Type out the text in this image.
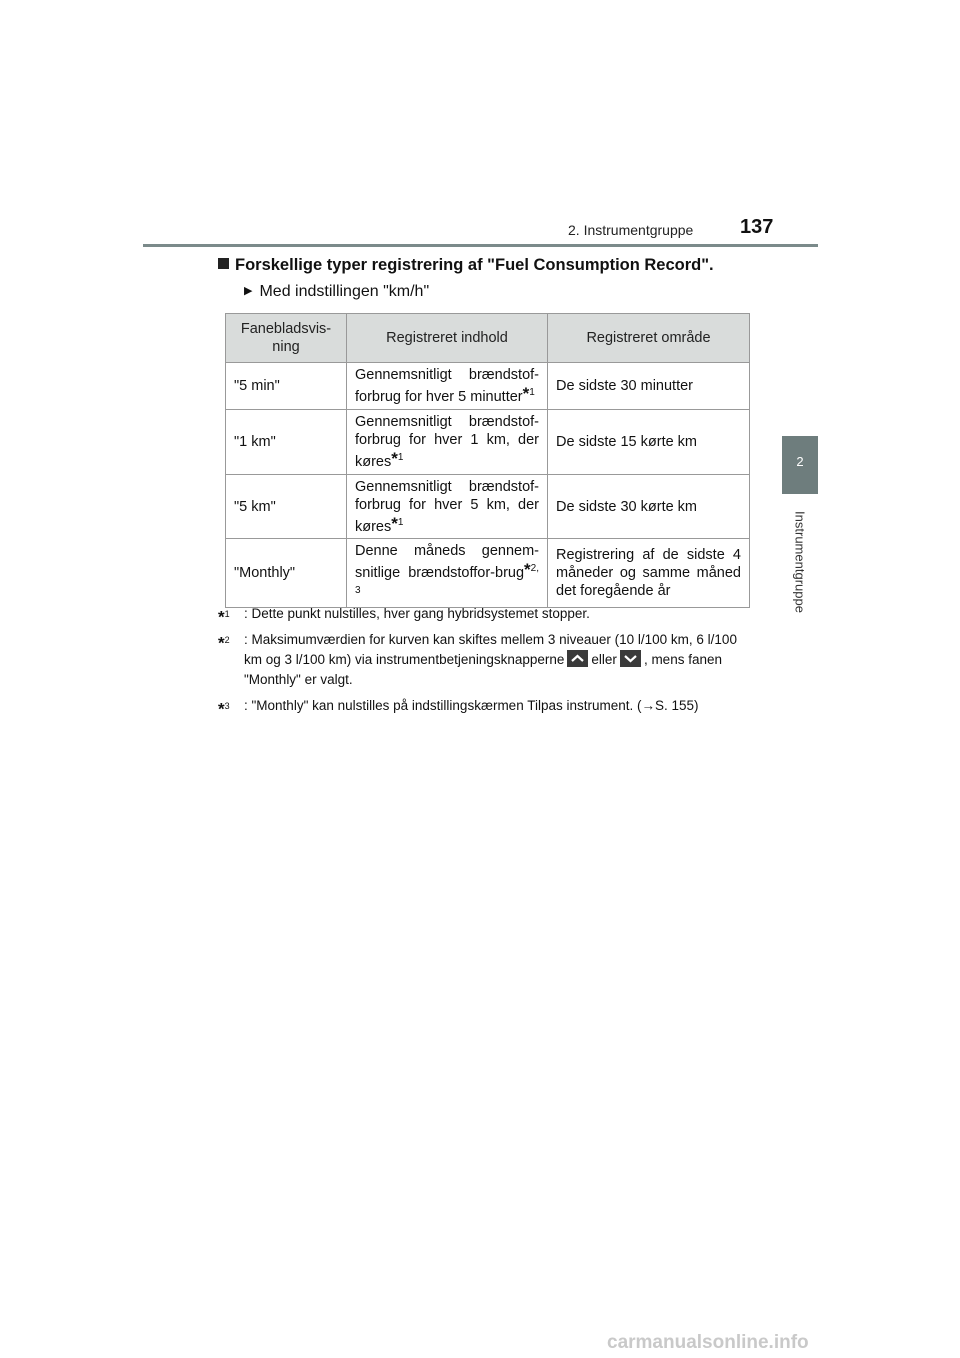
2. Instrumentgruppe 137
2
Instrumentgruppe
Forskellige typer registrering af "Fuel Consumption Record".
▶ Med indstillingen "km/h"
Fanebladsvis-ning	Registreret indhold	Registreret område
"5 min"	Gennemsnitligt brændstof-forbrug for hver 5 minutter*$^1$	De sidste 30 minutter
"1 km"	Gennemsnitligt brændstof-forbrug for hver 1 km, der køres*$^1$	De sidste 15 kørte km
"5 km"	Gennemsnitligt brændstof-forbrug for hver 5 km, der køres*$^1$	De sidste 30 kørte km
"Monthly"	Denne måneds gennem-snitlige brændstoffor-brug*$^{2, 3}$	Registrering af de sidste 4 måneder og samme måned det foregående år
*$^1$	: Dette punkt nulstilles, hver gang hybridsystemet stopper.
*$^2$	: Maksimumværdien for kurven kan skiftes mellem 3 niveauer (10 l/100 km, 6 l/100 km og 3 l/100 km) via instrumentbetjeningsknapperne eller , mens fanen "Monthly" er valgt.
*$^3$	: "Monthly" kan nulstilles på indstillingskærmen Tilpas instrument. (→S. 155)
carmanualsonline.info
